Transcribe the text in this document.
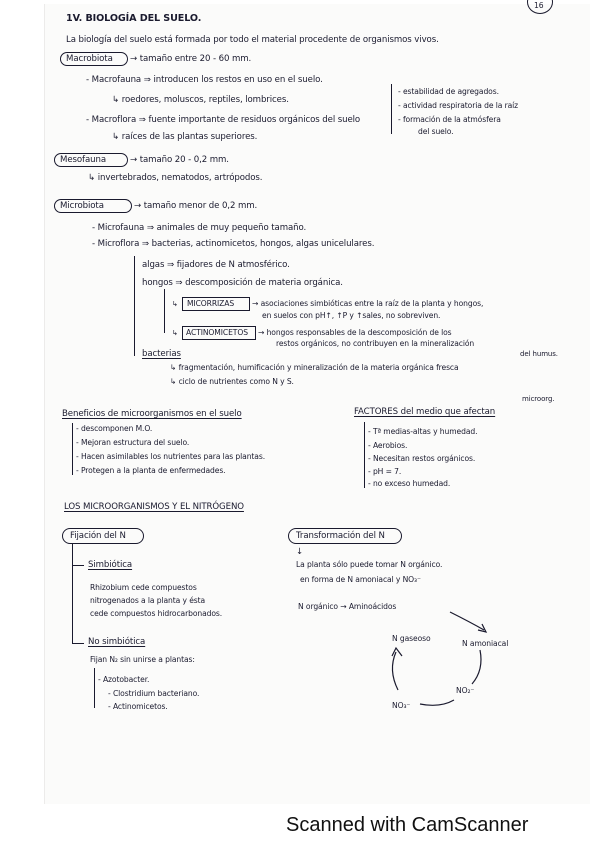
16
1V. BIOLOGÍA DEL SUELO.
La biología del suelo está formada por todo el material procedente de organismos vivos.
Macrobiota → tamaño entre 20 - 60 mm.
- Macrofauna ⇒ introducen los restos en uso en el suelo.
↳ roedores, moluscos, reptiles, lombrices.
- Macroflora ⇒ fuente importante de residuos orgánicos del suelo
↳ raíces de las plantas superiores.
- estabilidad de agregados.
- actividad respiratoria de la raíz
- formación de la atmósfera
del suelo.
Mesofauna	→ tamaño 20 - 0,2 mm.
↳ invertebrados, nematodos, artrópodos.
Microbiota	→ tamaño menor de 0,2 mm.
- Microfauna ⇒ animales de muy pequeño tamaño.
- Microflora ⇒ bacterias, actinomicetos, hongos, algas unicelulares.
algas ⇒ fijadores de N atmosférico.
hongos ⇒ descomposición de materia orgánica.
↳ MICORRIZAS → asociaciones simbióticas entre la raíz de la planta y hongos,
en suelos con pH↑, ↑P y ↑sales, no sobreviven.
↳ ACTINOMICETOS → hongos responsables de la descomposición de los
restos orgánicos, no contribuyen en la mineralización
del humus.
bacterias
↳ fragmentación, humificación y mineralización de la materia orgánica fresca
↳ ciclo de nutrientes como N y S.
microorg.
Beneficios de microorganismos en el suelo
- descomponen M.O.
- Mejoran estructura del suelo.
- Hacen asimilables los nutrientes para las plantas.
- Protegen a la planta de enfermedades.
FACTORES del medio que afectan
- Tª medias-altas y humedad.
- Aerobios.
- Necesitan restos orgánicos.
- pH = 7.
- no exceso humedad.
LOS MICROORGANISMOS Y EL NITRÓGENO
Fijación del N
Simbiótica
Rhizobium cede compuestos
nitrogenados a la planta y ésta
cede compuestos hidrocarbonados.
No simbiótica
Fijan N₂ sin unirse a plantas:
- Azotobacter.
- Clostridium bacteriano.
- Actinomicetos.
Transformación del N
↓
La planta sólo puede tomar N orgánico.
en forma de N amoniacal y NO₃⁻
N orgánico → Aminoácidos
N gaseoso
N amoniacal
NO₃⁻
NO₂⁻
Scanned with CamScanner
